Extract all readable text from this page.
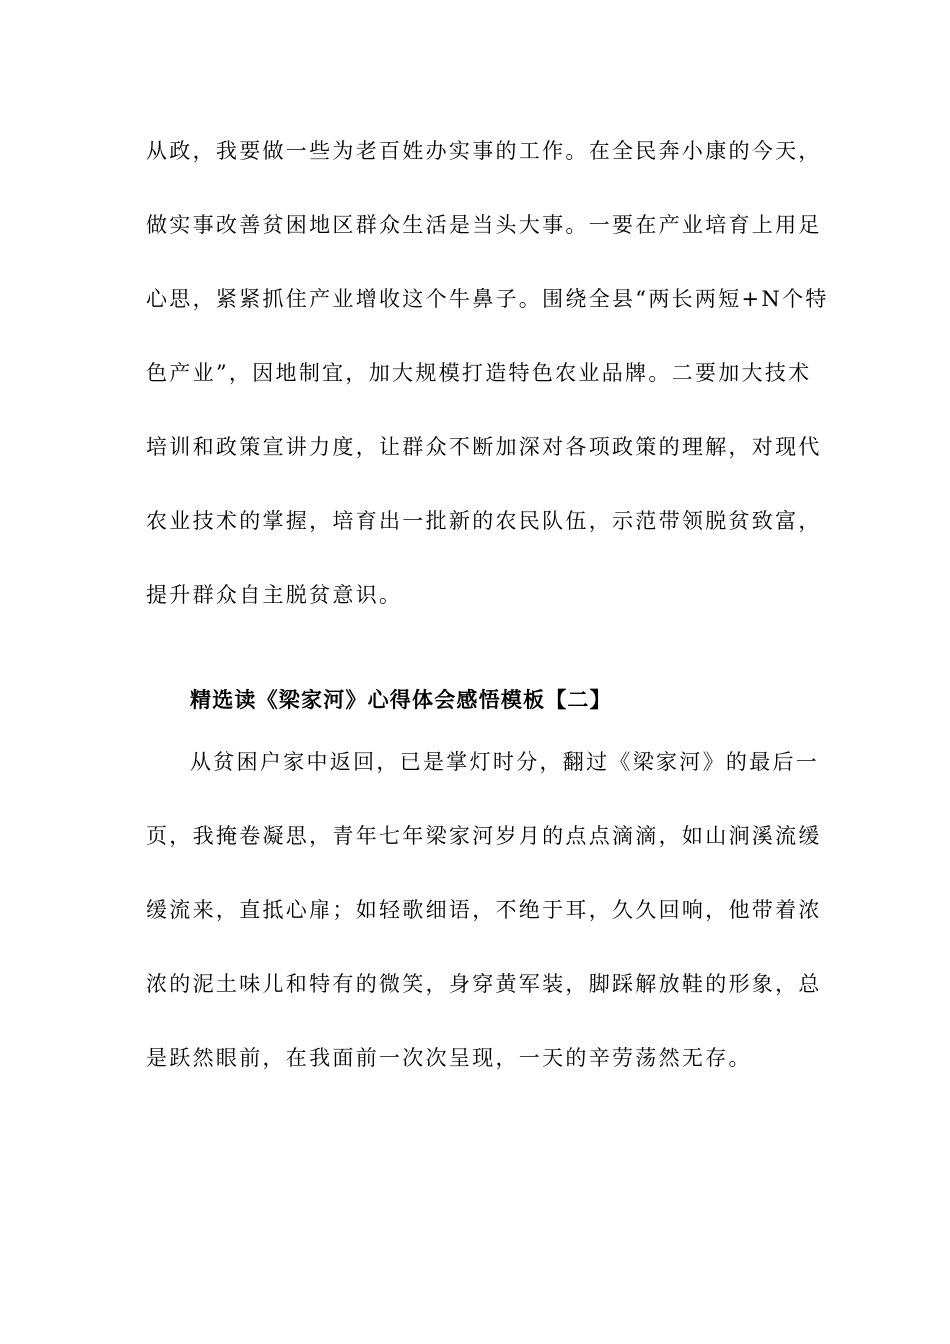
从政，我要做一些为老百姓办实事的工作。在全民奔小康的今天，
做实事改善贫困地区群众生活是当头大事。一要在产业培育上用足
心思，紧紧抓住产业增收这个牛鼻子。围绕全县“两长两短+N个特
色产业”，因地制宜，加大规模打造特色农业品牌。二要加大技术
培训和政策宣讲力度，让群众不断加深对各项政策的理解，对现代
农业技术的掌握，培育出一批新的农民队伍，示范带领脱贫致富，
提升群众自主脱贫意识。
精选读《梁家河》心得体会感悟模板【二】
从贫困户家中返回，已是掌灯时分，翻过《梁家河》的最后一
页，我掩卷凝思，青年七年梁家河岁月的点点滴滴，如山涧溪流缓
缓流来，直抵心扉；如轻歌细语，不绝于耳，久久回响，他带着浓
浓的泥土味儿和特有的微笑，身穿黄军装，脚踩解放鞋的形象，总
是跃然眼前，在我面前一次次呈现，一天的辛劳荡然无存。
